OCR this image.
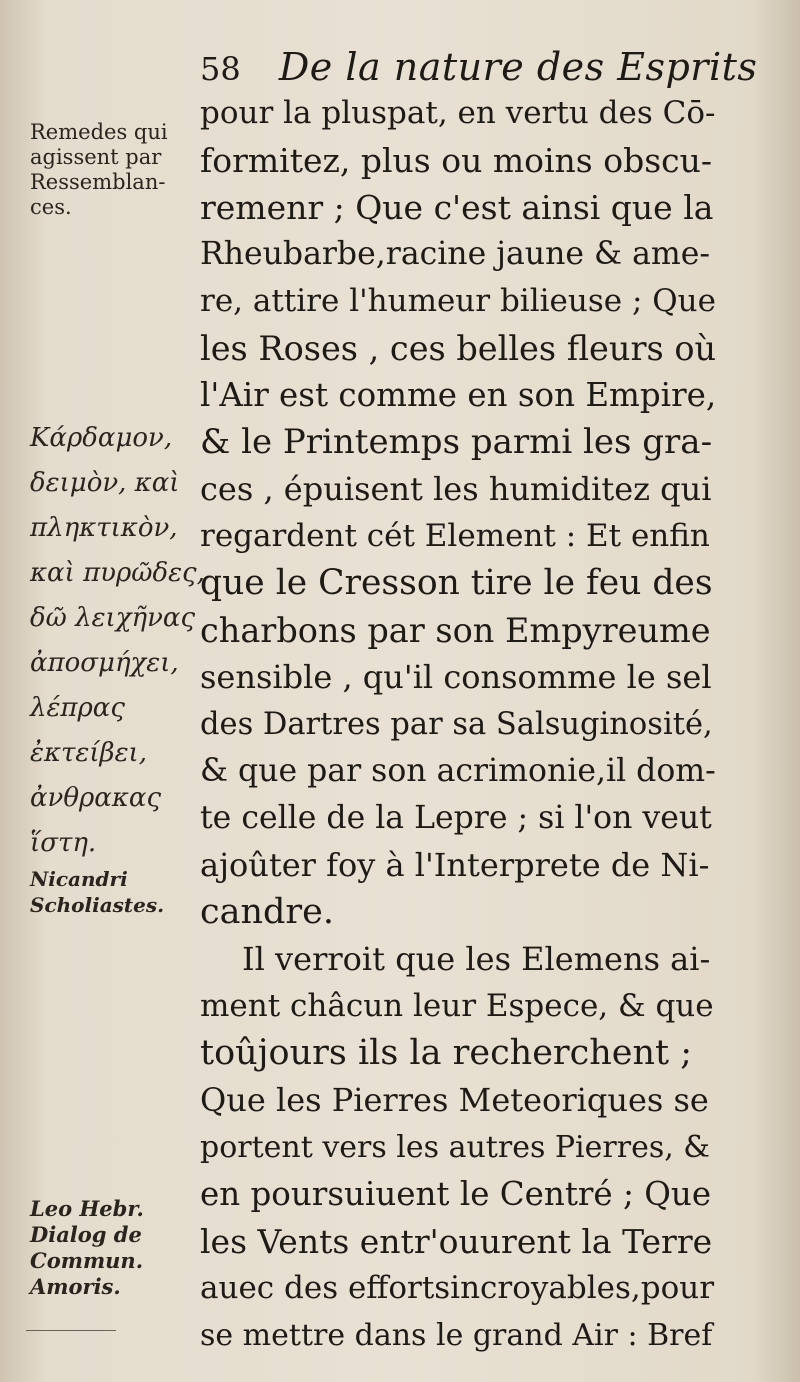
58 De la nature des Esprits
Remedes qui
agissent par
Ressemblan-
ces.
Κάρδαμον,
δειμὸν, καὶ
πληκτικὸν,
καὶ πυρῶδες,
δῶ λειχῆνας
ἀποσμήχει,
λέπρας
ἐκτείβει,
ἀνθρακας
ἵστη.
Nicandri
Scholiastes.
Leo Hebr.
Dialog de
Commun.
Amoris.
pour la pluspat, en vertu des Cō-
formitez, plus ou moins obscu-
remenr ; Que c'est ainsi que la
Rheubarbe,racine jaune & ame-
re, attire l'humeur bilieuse ; Que
les Roses , ces belles fleurs où
l'Air est comme en son Empire,
& le Printemps parmi les gra-
ces , épuisent les humiditez qui
regardent cét Element : Et enfin
que le Cresson tire le feu des
charbons par son Empyreume
sensible , qu'il consomme le sel
des Dartres par sa Salsuginosité,
& que par son acrimonie,il dom-
te celle de la Lepre ; si l'on veut
ajoûter foy à l'Interprete de Ni-
candre.
Il verroit que les Elemens ai-
ment châcun leur Espece, & que
toûjours ils la recherchent ;
Que les Pierres Meteoriques se
portent vers les autres Pierres, &
en poursuiuent le Centré ; Que
les Vents entr'ouurent la Terre
auec des effortsincroyables,pour
se mettre dans le grand Air : Bref
